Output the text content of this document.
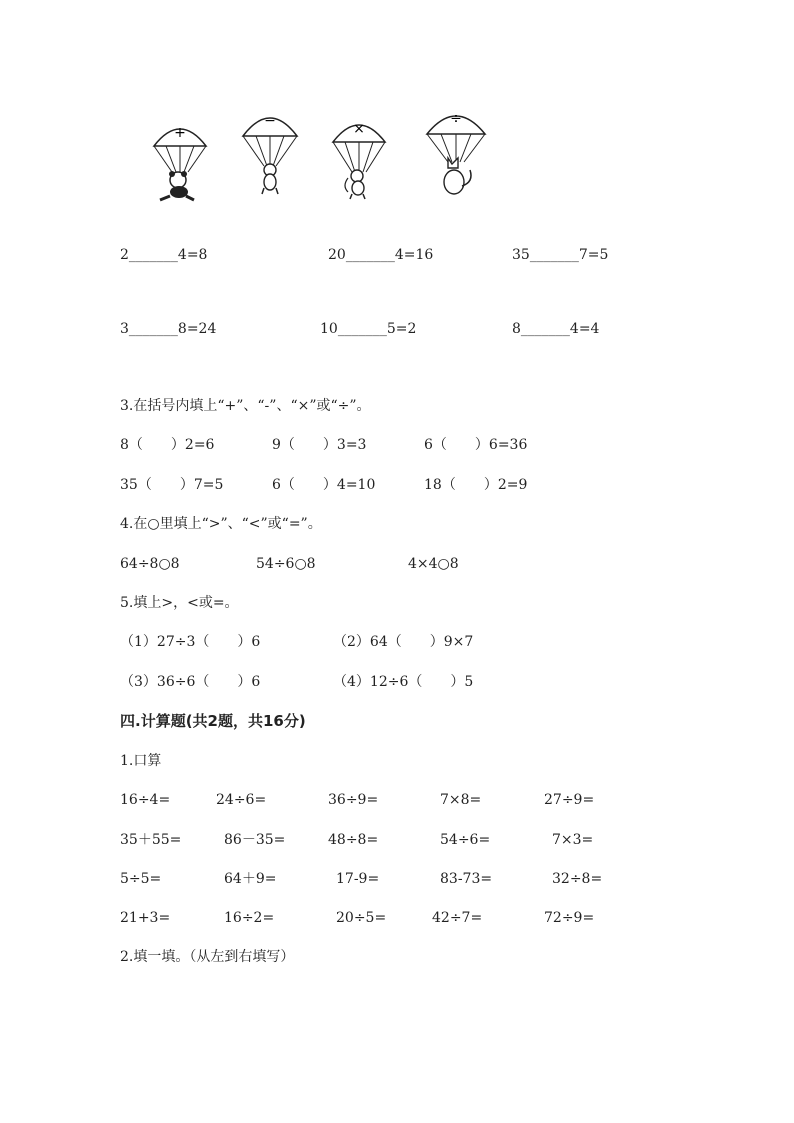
+
−	×
÷
2_______4=8	20_______4=16	35_______7=5
3_______8=24	10_______5=2	8_______4=4
3.在括号内填上“+”、“-”、“×”或“÷”。
8（　　）2=6	9（　　）3=3	6（　　）6=36
35（　　）7=5	6（　　）4=10	18（　　）2=9
4.在○里填上“>”、“<”或“=”。
64÷8○8	54÷6○8	4×4○8
5.填上>，<或=。
（1）27÷3（　　）6	（2）64（　　）9×7
（3）36÷6（　　）6	（4）12÷6（　　）5
四.计算题(共2题，共16分)
1.口算
16÷4=	24÷6=	36÷9=	7×8=	27÷9=
35＋55=	86－35=	48÷8=	54÷6=	7×3=
5÷5=	64＋9=	17-9=	83-73=	32÷8=
21+3=	16÷2=	20÷5=	42÷7=	72÷9=
2.填一填。（从左到右填写）
